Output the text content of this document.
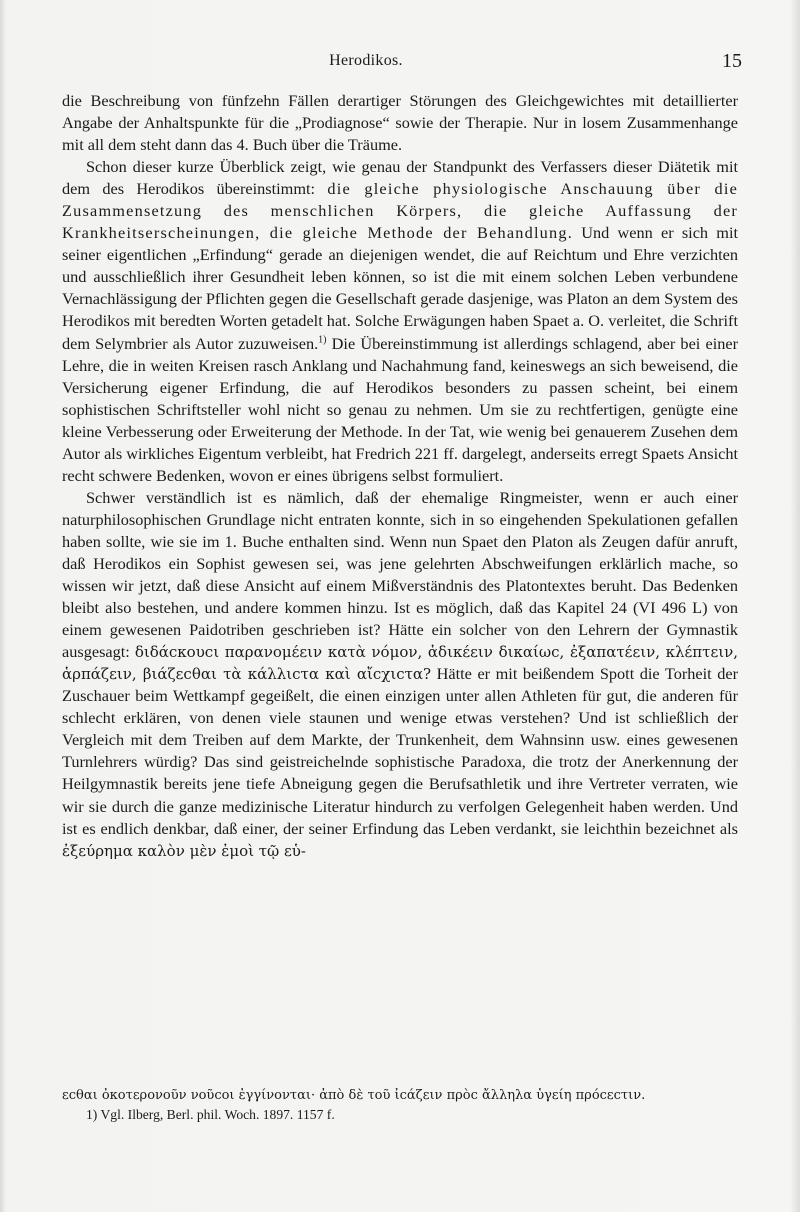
Herodikos.	15

die Beschreibung von fünfzehn Fällen derartiger Störungen des Gleichgewichtes mit detaillierter Angabe der Anhaltspunkte für die „Prodiagnose“ sowie der Therapie. Nur in losem Zusammenhange mit all dem steht dann das 4. Buch über die Träume.

Schon dieser kurze Überblick zeigt, wie genau der Standpunkt des Verfassers dieser Diätetik mit dem des Herodikos übereinstimmt: die gleiche physiologische Anschauung über die Zusammensetzung des menschlichen Körpers, die gleiche Auffassung der Krankheitserscheinungen, die gleiche Methode der Behandlung. Und wenn er sich mit seiner eigentlichen „Erfindung“ gerade an diejenigen wendet, die auf Reichtum und Ehre verzichten und ausschließlich ihrer Gesundheit leben können, so ist die mit einem solchen Leben verbundene Vernachlässigung der Pflichten gegen die Gesellschaft gerade dasjenige, was Platon an dem System des Herodikos mit beredten Worten getadelt hat. Solche Erwägungen haben Spaet a. O. verleitet, die Schrift dem Selymbrier als Autor zuzuweisen.$^{1)}$ Die Übereinstimmung ist allerdings schlagend, aber bei einer Lehre, die in weiten Kreisen rasch Anklang und Nachahmung fand, keineswegs an sich beweisend, die Versicherung eigener Erfindung, die auf Herodikos besonders zu passen scheint, bei einem sophistischen Schriftsteller wohl nicht so genau zu nehmen. Um sie zu rechtfertigen, genügte eine kleine Verbesserung oder Erweiterung der Methode. In der Tat, wie wenig bei genauerem Zusehen dem Autor als wirkliches Eigentum verbleibt, hat Fredrich 221 ff. dargelegt, anderseits erregt Spaets Ansicht recht schwere Bedenken, wovon er eines übrigens selbst formuliert.

Schwer verständlich ist es nämlich, daß der ehemalige Ringmeister, wenn er auch einer naturphilosophischen Grundlage nicht entraten konnte, sich in so eingehenden Spekulationen gefallen haben sollte, wie sie im 1. Buche enthalten sind. Wenn nun Spaet den Platon als Zeugen dafür anruft, daß Herodikos ein Sophist gewesen sei, was jene gelehrten Abschweifungen erklärlich mache, so wissen wir jetzt, daß diese Ansicht auf einem Mißverständnis des Platontextes beruht. Das Bedenken bleibt also bestehen, und andere kommen hinzu. Ist es möglich, daß das Kapitel 24 (VI 496 L) von einem gewesenen Paidotriben geschrieben ist? Hätte ein solcher von den Lehrern der Gymnastik ausgesagt: διδάϲκουϲι παρανομέειν κατὰ νόμον, ἀδικέειν δικαίωϲ, ἐξαπατέειν, κλέπτειν, ἁρπάζειν, βιάζεϲθαι τὰ κάλλιϲτα καὶ αἴϲχιϲτα? Hätte er mit beißendem Spott die Torheit der Zuschauer beim Wettkampf gegeißelt, die einen einzigen unter allen Athleten für gut, die anderen für schlecht erklären, von denen viele staunen und wenige etwas verstehen? Und ist schließlich der Vergleich mit dem Treiben auf dem Markte, der Trunkenheit, dem Wahnsinn usw. eines gewesenen Turnlehrers würdig? Das sind geistreichelnde sophistische Paradoxa, die trotz der Anerkennung der Heilgymnastik bereits jene tiefe Abneigung gegen die Berufsathletik und ihre Vertreter verraten, wie wir sie durch die ganze medizinische Literatur hindurch zu verfolgen Gelegenheit haben werden. Und ist es endlich denkbar, daß einer, der seiner Erfindung das Leben verdankt, sie leichthin bezeichnet als ἐξεύρημα καλὸν μὲν ἐμοὶ τῷ εὑ-

εϲθαι ὀκοτερονοῦν νοῦϲοι ἐγγίνονται· ἀπὸ δὲ τοῦ ἰϲάζειν πρὸϲ ἄλληλα ὑγείη πρόϲεϲτιν.

1) Vgl. Ilberg, Berl. phil. Woch. 1897. 1157 f.
